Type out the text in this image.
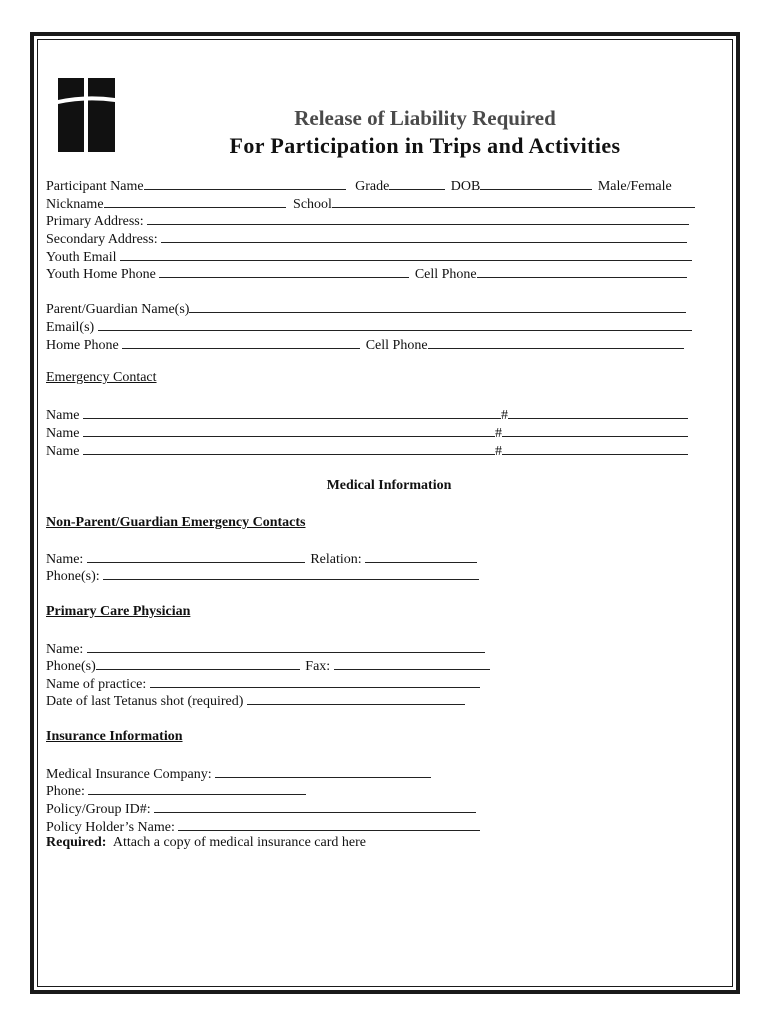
Release of Liability Required
For Participation in Trips and Activities
Participant Name	Grade	DOB	Male/Female
Nickname	School
Primary Address:
Secondary Address:
Youth Email
Youth Home Phone	Cell Phone
Parent/Guardian Name(s)
Email(s)
Home Phone	Cell Phone
Emergency Contact
Name	#
Name	#
Name	#
Medical Information
Non-Parent/Guardian Emergency Contacts
Name:	Relation:
Phone(s):
Primary Care Physician
Name:
Phone(s)	Fax:
Name of practice:
Date of last Tetanus shot (required)
Insurance Information
Medical Insurance Company:
Phone:
Policy/Group ID#:
Policy Holder’s Name:
Required: Attach a copy of medical insurance card here
